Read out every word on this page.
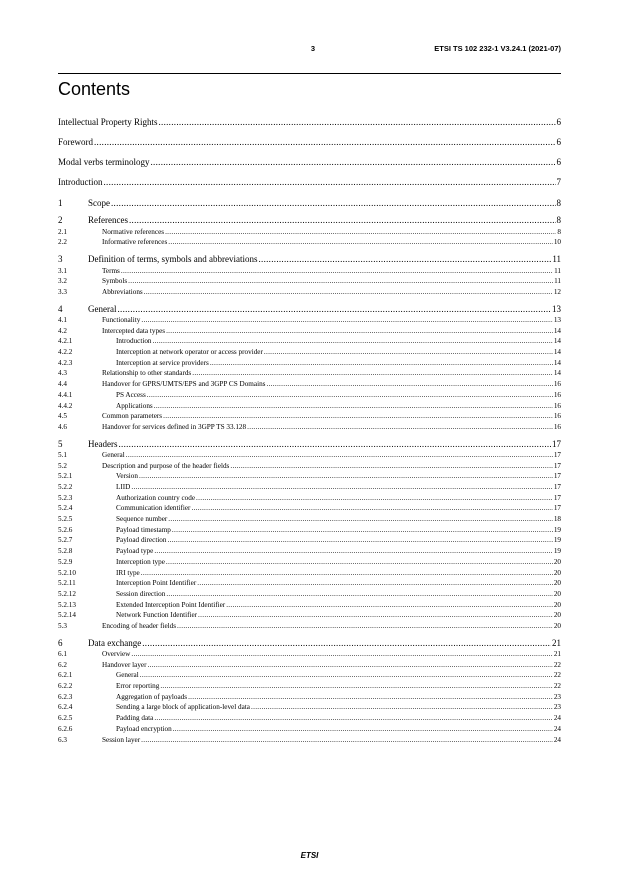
3	ETSI TS 102 232-1 V3.24.1 (2021-07)
Contents
Intellectual Property Rights .....	6
Foreword .....	6
Modal verbs terminology .....	6
Introduction .....	7
1	Scope .....	8
2	References .....	8
2.1	Normative references .....	8
2.2	Informative references .....	10
3	Definition of terms, symbols and abbreviations .....	11
3.1	Terms .....	11
3.2	Symbols .....	11
3.3	Abbreviations .....	12
4	General .....	13
4.1	Functionality .....	13
4.2	Intercepted data types .....	14
4.2.1	Introduction .....	14
4.2.2	Interception at network operator or access provider .....	14
4.2.3	Interception at service providers .....	14
4.3	Relationship to other standards .....	14
4.4	Handover for GPRS/UMTS/EPS and 3GPP CS Domains .....	16
4.4.1	PS Access .....	16
4.4.2	Applications .....	16
4.5	Common parameters .....	16
4.6	Handover for services defined in 3GPP TS 33.128 .....	16
5	Headers .....	17
5.1	General .....	17
5.2	Description and purpose of the header fields .....	17
5.2.1	Version .....	17
5.2.2	LIID .....	17
5.2.3	Authorization country code .....	17
5.2.4	Communication identifier .....	17
5.2.5	Sequence number .....	18
5.2.6	Payload timestamp .....	19
5.2.7	Payload direction .....	19
5.2.8	Payload type .....	19
5.2.9	Interception type .....	20
5.2.10	IRI type .....	20
5.2.11	Interception Point Identifier .....	20
5.2.12	Session direction .....	20
5.2.13	Extended Interception Point Identifier .....	20
5.2.14	Network Function Identifier .....	20
5.3	Encoding of header fields .....	20
6	Data exchange .....	21
6.1	Overview .....	21
6.2	Handover layer .....	22
6.2.1	General .....	22
6.2.2	Error reporting .....	22
6.2.3	Aggregation of payloads .....	23
6.2.4	Sending a large block of application-level data .....	23
6.2.5	Padding data .....	24
6.2.6	Payload encryption .....	24
6.3	Session layer .....	24
ETSI
